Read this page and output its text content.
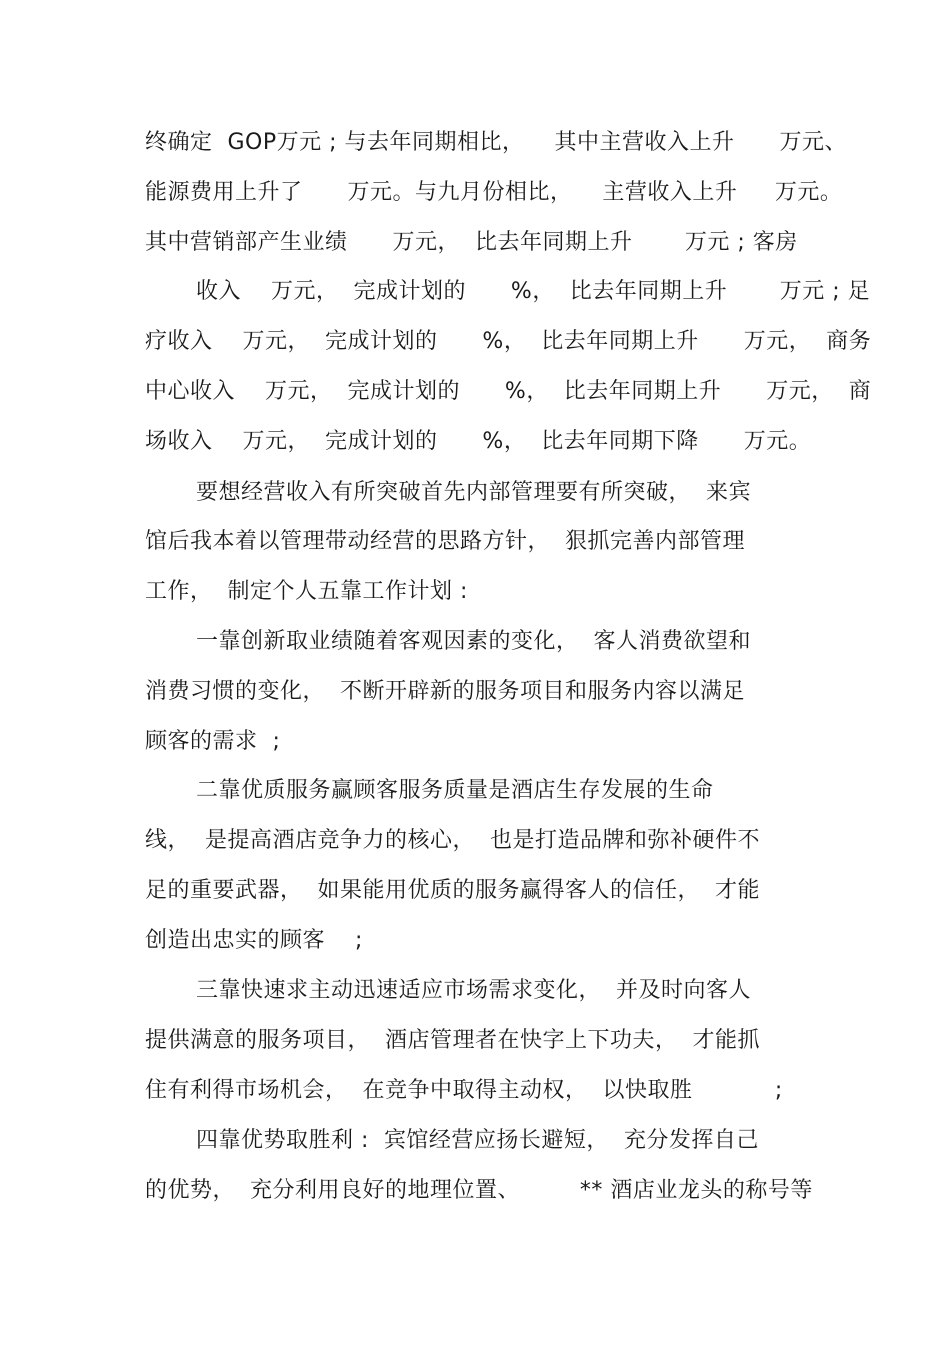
终确定  GOP万元 ; 与去年同期相比，    其中主营收入上升      万元、
能源费用上升了      万元。与九月份相比，    主营收入上升     万元。
其中营销部产生业绩      万元，  比去年同期上升       万元 ; 客房
收入    万元，  完成计划的      %，  比去年同期上升       万元 ; 足
疗收入    万元，  完成计划的      %，  比去年同期上升      万元，  商务
中心收入    万元，  完成计划的      %，  比去年同期上升      万元，  商
场收入    万元，  完成计划的      %，  比去年同期下降      万元。
要想经营收入有所突破首先内部管理要有所突破，  来宾
馆后我本着以管理带动经营的思路方针，  狠抓完善内部管理
工作，  制定个人五靠工作计划 :
一靠创新取业绩随着客观因素的变化，  客人消费欲望和
消费习惯的变化，  不断开辟新的服务项目和服务内容以满足
顾客的需求  ;
二靠优质服务赢顾客服务质量是酒店生存发展的生命
线，  是提高酒店竞争力的核心，  也是打造品牌和弥补硬件不
足的重要武器，  如果能用优质的服务赢得客人的信任，  才能
创造出忠实的顾客    ;
三靠快速求主动迅速适应市场需求变化，  并及时向客人
提供满意的服务项目，  酒店管理者在快字上下功夫，  才能抓
住有利得市场机会，  在竞争中取得主动权，  以快取胜           ;
四靠优势取胜利 :  宾馆经营应扬长避短，  充分发挥自己
的优势，  充分利用良好的地理位置、        ** 酒店业龙头的称号等
